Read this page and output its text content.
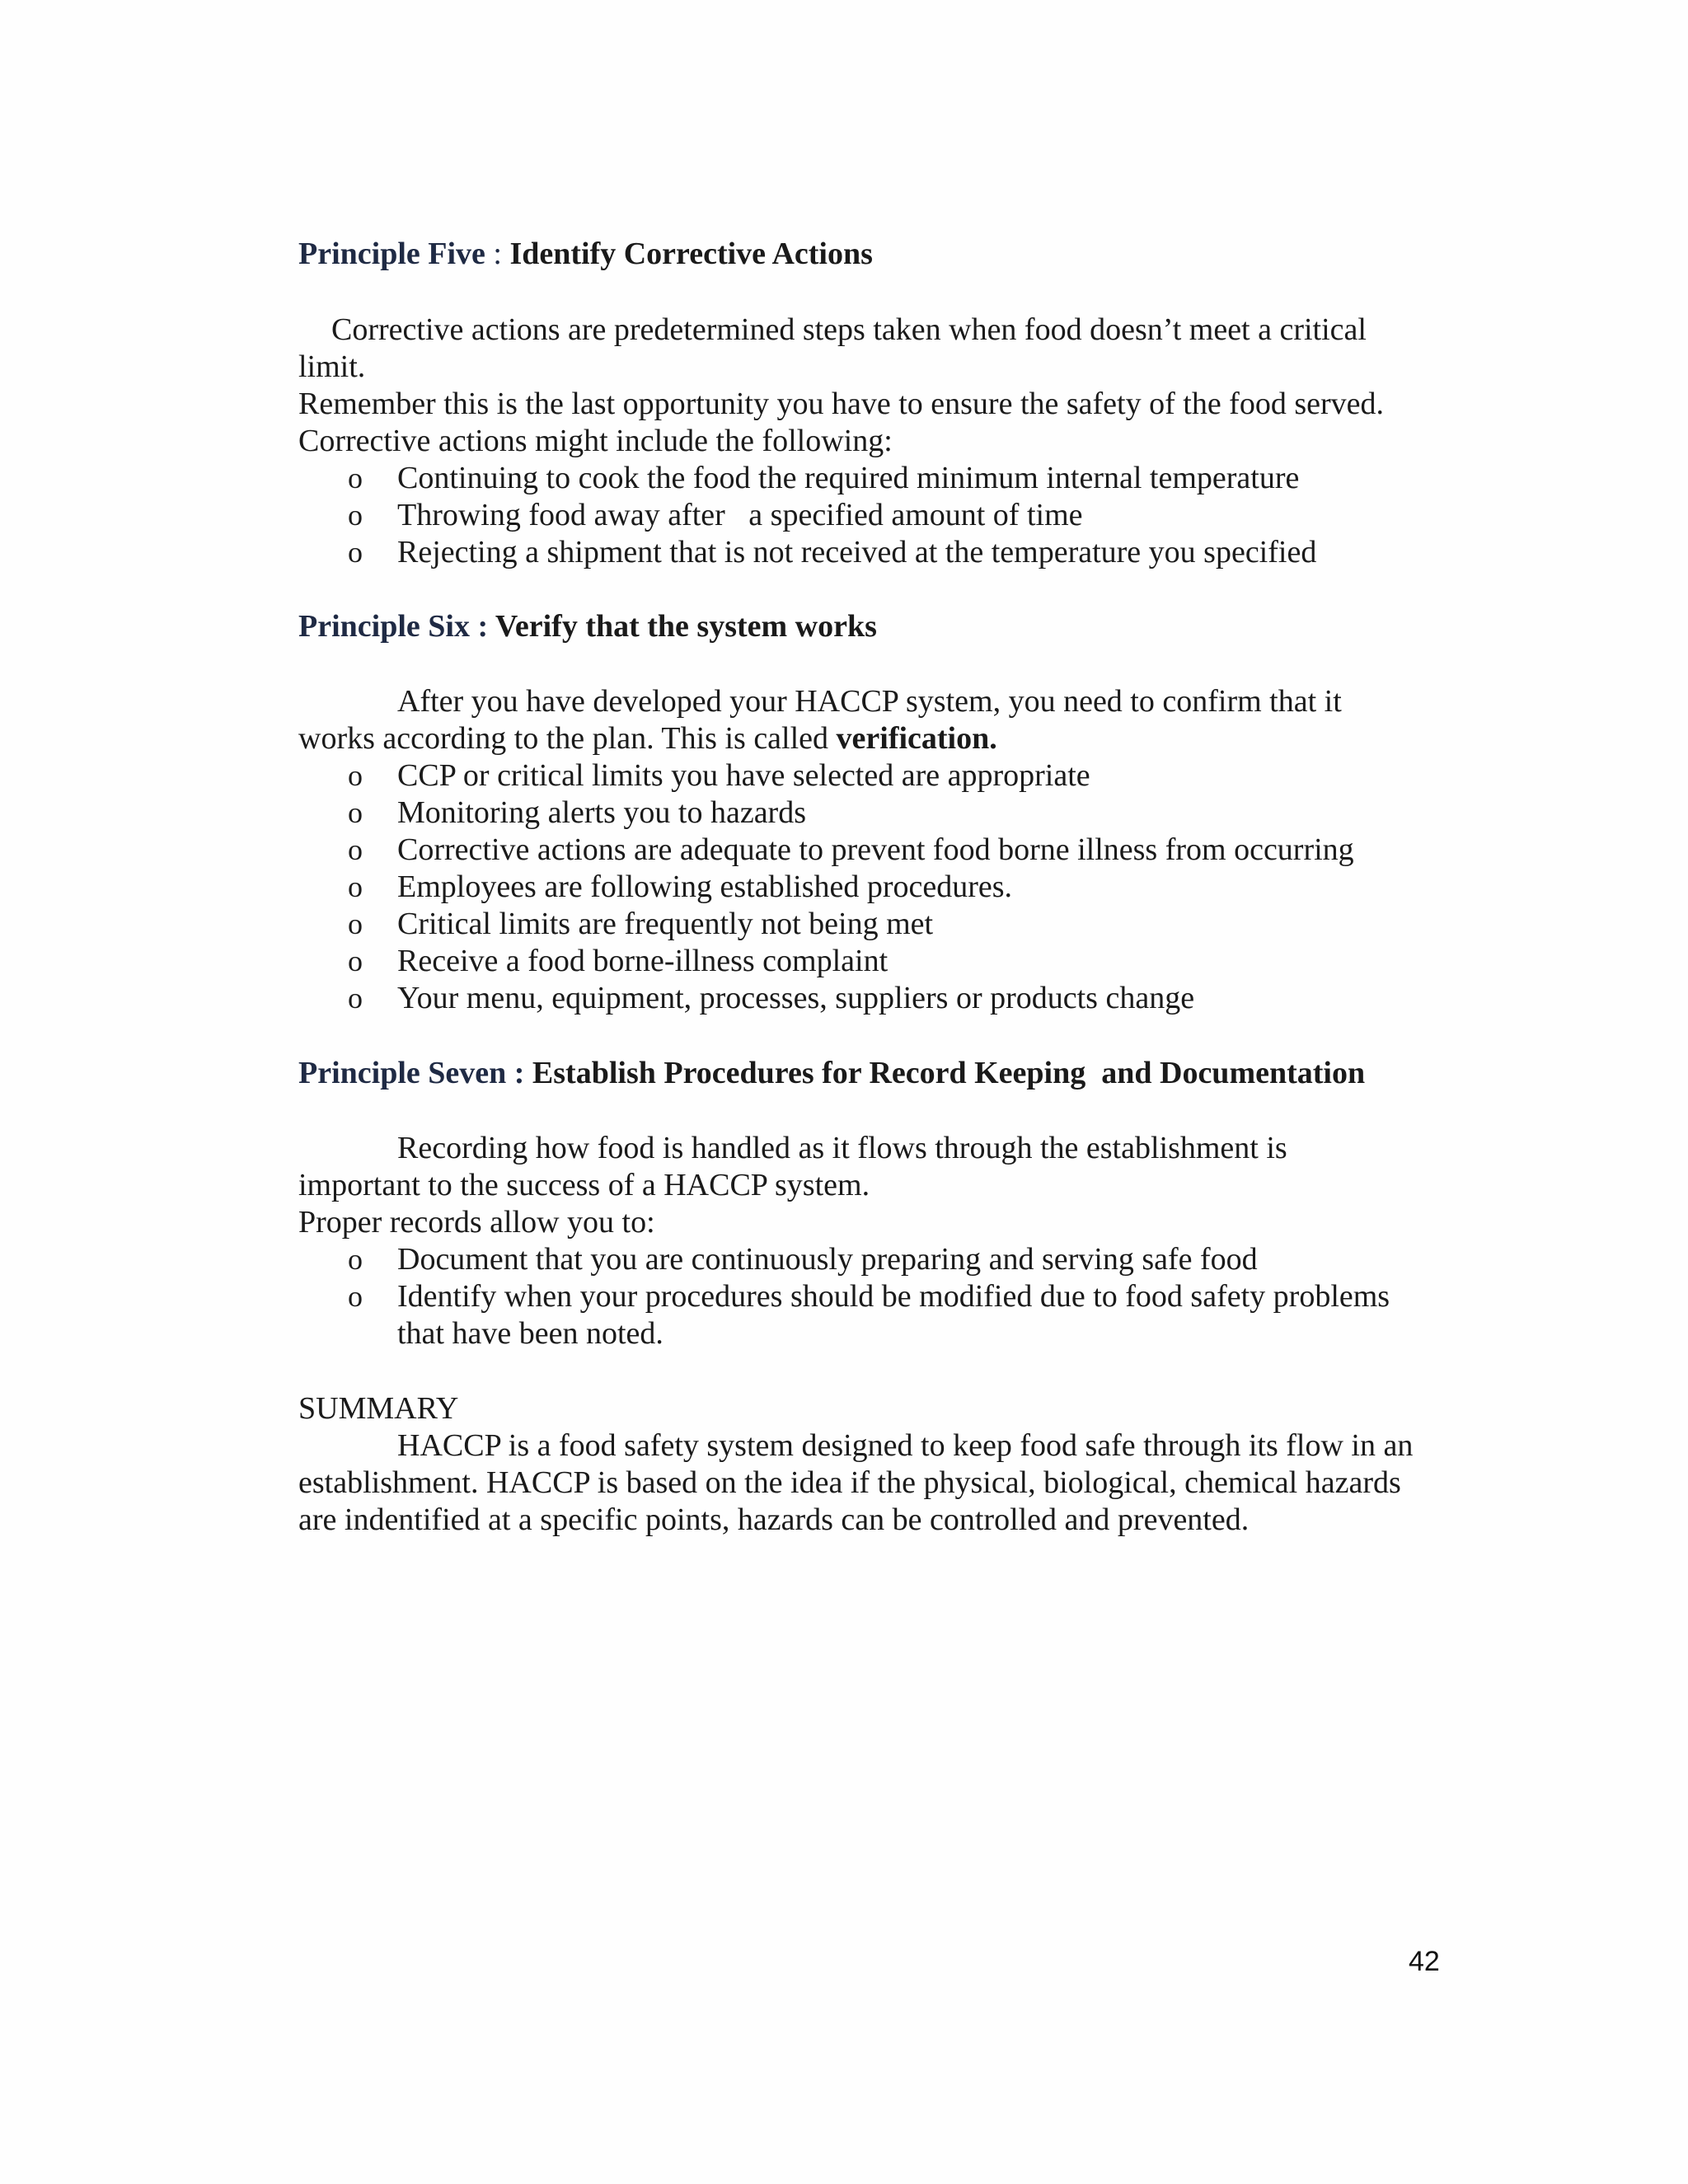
Principle Five : Identify Corrective Actions
Corrective actions are predetermined steps taken when food doesn’t meet a critical
limit.
Remember this is the last opportunity you have to ensure the safety of the food served.
Corrective actions might include the following:
o Continuing to cook the food the required minimum internal temperature
o Throwing food away after   a specified amount of time
o Rejecting a shipment that is not received at the temperature you specified
Principle Six : Verify that the system works
After you have developed your HACCP system, you need to confirm that it
works according to the plan. This is called verification.
o CCP or critical limits you have selected are appropriate
o Monitoring alerts you to hazards
o Corrective actions are adequate to prevent food borne illness from occurring
o Employees are following established procedures.
o Critical limits are frequently not being met
o Receive a food borne-illness complaint
o Your menu, equipment, processes, suppliers or products change
Principle Seven : Establish Procedures for Record Keeping  and Documentation
Recording how food is handled as it flows through the establishment is
important to the success of a HACCP system.
Proper records allow you to:
o Document that you are continuously preparing and serving safe food
o Identify when your procedures should be modified due to food safety problems
that have been noted.
SUMMARY
HACCP is a food safety system designed to keep food safe through its flow in an
establishment. HACCP is based on the idea if the physical, biological, chemical hazards
are indentified at a specific points, hazards can be controlled and prevented.
42
